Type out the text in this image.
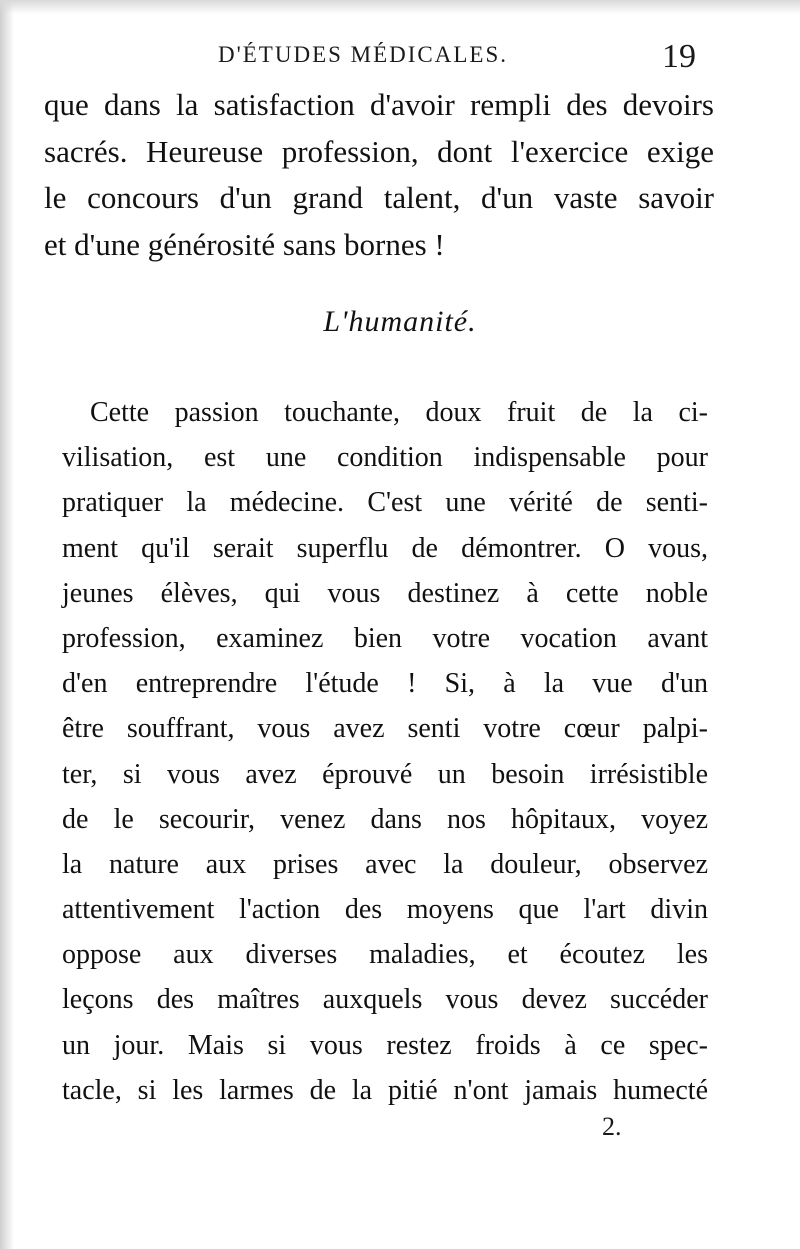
D'ÉTUDES MÉDICALES.	19
que dans la satisfaction d'avoir rempli des devoirs
sacrés. Heureuse profession, dont l'exercice exige
le concours d'un grand talent, d'un vaste savoir
et d'une générosité sans bornes !
L'humanité.
Cette passion touchante, doux fruit de la ci-
vilisation, est une condition indispensable pour
pratiquer la médecine. C'est une vérité de senti-
ment qu'il serait superflu de démontrer. O vous,
jeunes élèves, qui vous destinez à cette noble
profession, examinez bien votre vocation avant
d'en entreprendre l'étude ! Si, à la vue d'un
être souffrant, vous avez senti votre cœur palpi-
ter, si vous avez éprouvé un besoin irrésistible
de le secourir, venez dans nos hôpitaux, voyez
la nature aux prises avec la douleur, observez
attentivement l'action des moyens que l'art divin
oppose aux diverses maladies, et écoutez les
leçons des maîtres auxquels vous devez succéder
un jour. Mais si vous restez froids à ce spec-
tacle, si les larmes de la pitié n'ont jamais humecté
2.
